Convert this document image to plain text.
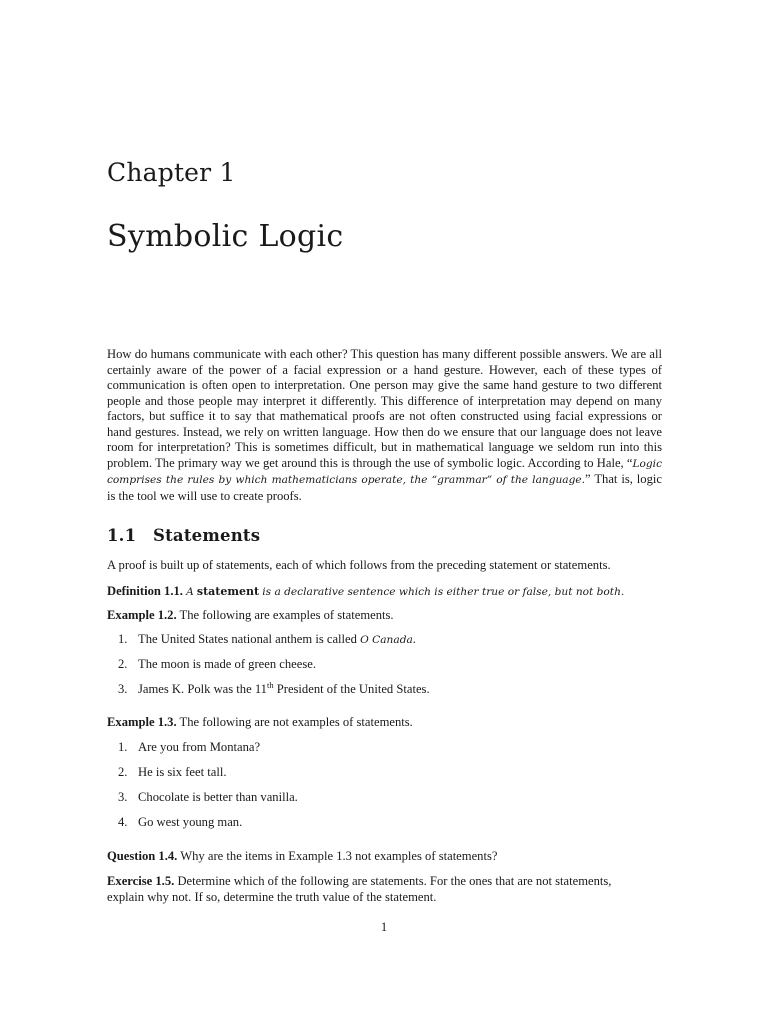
Chapter 1
Symbolic Logic
How do humans communicate with each other? This question has many different possible answers. We are all certainly aware of the power of a facial expression or a hand gesture. However, each of these types of communication is often open to interpretation. One person may give the same hand gesture to two different people and those people may interpret it differently. This difference of interpretation may depend on many factors, but suffice it to say that mathematical proofs are not often constructed using facial expressions or hand gestures. Instead, we rely on written language. How then do we ensure that our language does not leave room for interpretation? This is sometimes difficult, but in mathematical language we seldom run into this problem. The primary way we get around this is through the use of symbolic logic. According to Hale, “Logic comprises the rules by which mathematicians operate, the “grammar” of the language.” That is, logic is the tool we will use to create proofs.
1.1 Statements
A proof is built up of statements, each of which follows from the preceding statement or statements.
Definition 1.1. A statement is a declarative sentence which is either true or false, but not both.
Example 1.2. The following are examples of statements.
1. The United States national anthem is called O Canada.
2. The moon is made of green cheese.
3. James K. Polk was the 11th President of the United States.
Example 1.3. The following are not examples of statements.
1. Are you from Montana?
2. He is six feet tall.
3. Chocolate is better than vanilla.
4. Go west young man.
Question 1.4. Why are the items in Example 1.3 not examples of statements?
Exercise 1.5. Determine which of the following are statements. For the ones that are not statements,
explain why not. If so, determine the truth value of the statement.
1
